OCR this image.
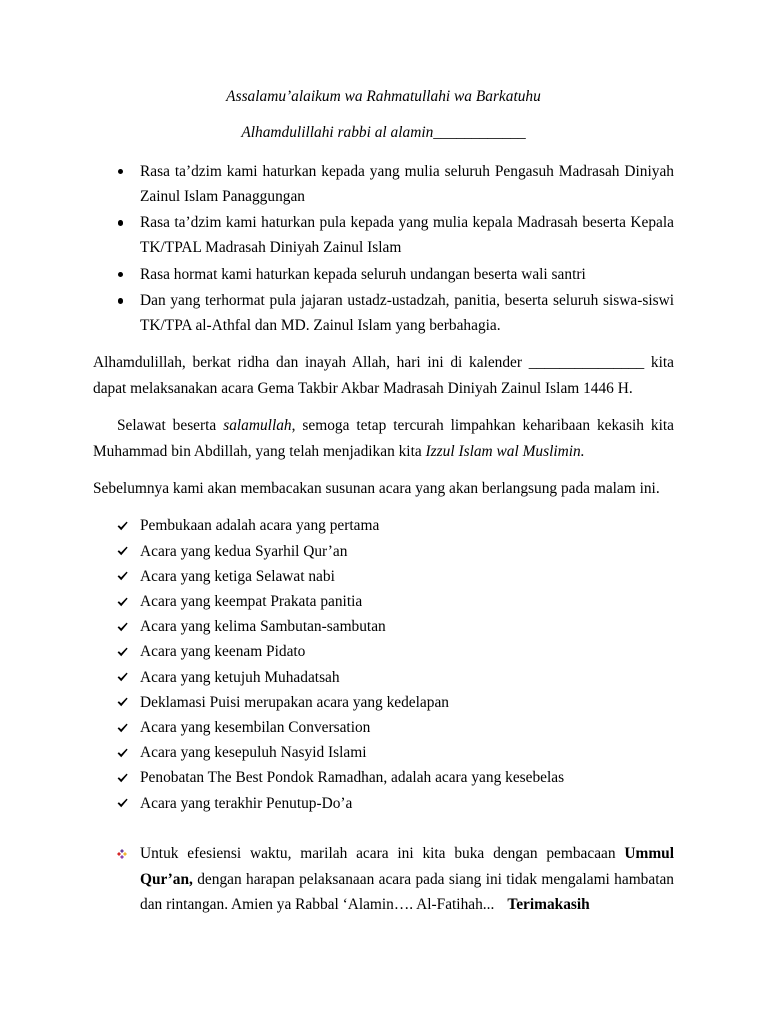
Assalamu’alaikum wa Rahmatullahi wa Barkatuhu

Alhamdulillahi rabbi al alamin____________

Rasa ta’dzim kami haturkan kepada yang mulia seluruh Pengasuh Madrasah Diniyah Zainul Islam Panaggungan
Rasa ta’dzim kami haturkan pula kepada yang mulia kepala Madrasah beserta Kepala TK/TPAL Madrasah Diniyah Zainul Islam
Rasa hormat kami haturkan kepada seluruh undangan beserta wali santri
Dan yang terhormat pula jajaran ustadz-ustadzah, panitia, beserta seluruh siswa-siswi TK/TPA al-Athfal dan MD. Zainul Islam yang berbahagia.

Alhamdulillah, berkat ridha dan inayah Allah, hari ini di kalender _______________ kita dapat melaksanakan acara Gema Takbir Akbar Madrasah Diniyah Zainul Islam 1446 H.

Selawat beserta salamullah, semoga tetap tercurah limpahkan keharibaan kekasih kita Muhammad bin Abdillah, yang telah menjadikan kita Izzul Islam wal Muslimin.

Sebelumnya kami akan membacakan susunan acara yang akan berlangsung pada malam ini.

Pembukaan adalah acara yang pertama
Acara yang kedua Syarhil Qur’an
Acara yang ketiga Selawat nabi
Acara yang keempat Prakata panitia
Acara yang kelima Sambutan-sambutan
Acara yang keenam Pidato
Acara yang ketujuh Muhadatsah
Deklamasi Puisi merupakan acara yang kedelapan
Acara yang kesembilan Conversation
Acara yang kesepuluh Nasyid Islami
Penobatan The Best Pondok Ramadhan, adalah acara yang kesebelas
Acara yang terakhir Penutup-Do’a
Untuk efesiensi waktu, marilah acara ini kita buka dengan pembacaan Ummul Qur’an, dengan harapan pelaksanaan acara pada siang ini tidak mengalami hambatan dan rintangan. Amien ya Rabbal ‘Alamin…. Al-Fatihah... Terimakasih
